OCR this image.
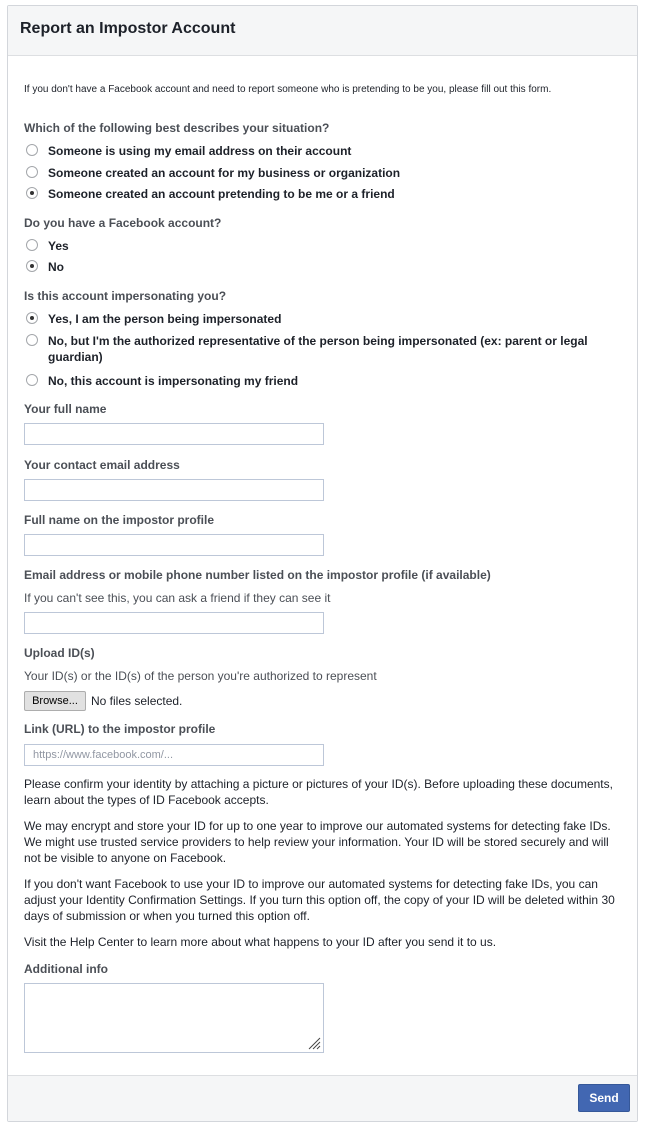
Report an Impostor Account
Send
If you don't have a Facebook account and need to report someone who is pretending to be you, please fill out this form.
Which of the following best describes your situation?
Someone is using my email address on their account
Someone created an account for my business or organization
Someone created an account pretending to be me or a friend
Do you have a Facebook account?
Yes
No
Is this account impersonating you?
Yes, I am the person being impersonated
No, but I'm the authorized representative of the person being impersonated (ex: parent or legal guardian)
No, this account is impersonating my friend
Your full name
Your contact email address
Full name on the impostor profile
Email address or mobile phone number listed on the impostor profile (if available)
If you can't see this, you can ask a friend if they can see it
Upload ID(s)
Your ID(s) or the ID(s) of the person you're authorized to represent
Browse...	No files selected.
Link (URL) to the impostor profile
https://www.facebook.com/...
Please confirm your identity by attaching a picture or pictures of your ID(s). Before uploading these documents, learn about the types of ID Facebook accepts.
We may encrypt and store your ID for up to one year to improve our automated systems for detecting fake IDs. We might use trusted service providers to help review your information. Your ID will be stored securely and will not be visible to anyone on Facebook.
If you don't want Facebook to use your ID to improve our automated systems for detecting fake IDs, you can adjust your Identity Confirmation Settings. If you turn this option off, the copy of your ID will be deleted within 30 days of submission or when you turned this option off.
Visit the Help Center to learn more about what happens to your ID after you send it to us.
Additional info
